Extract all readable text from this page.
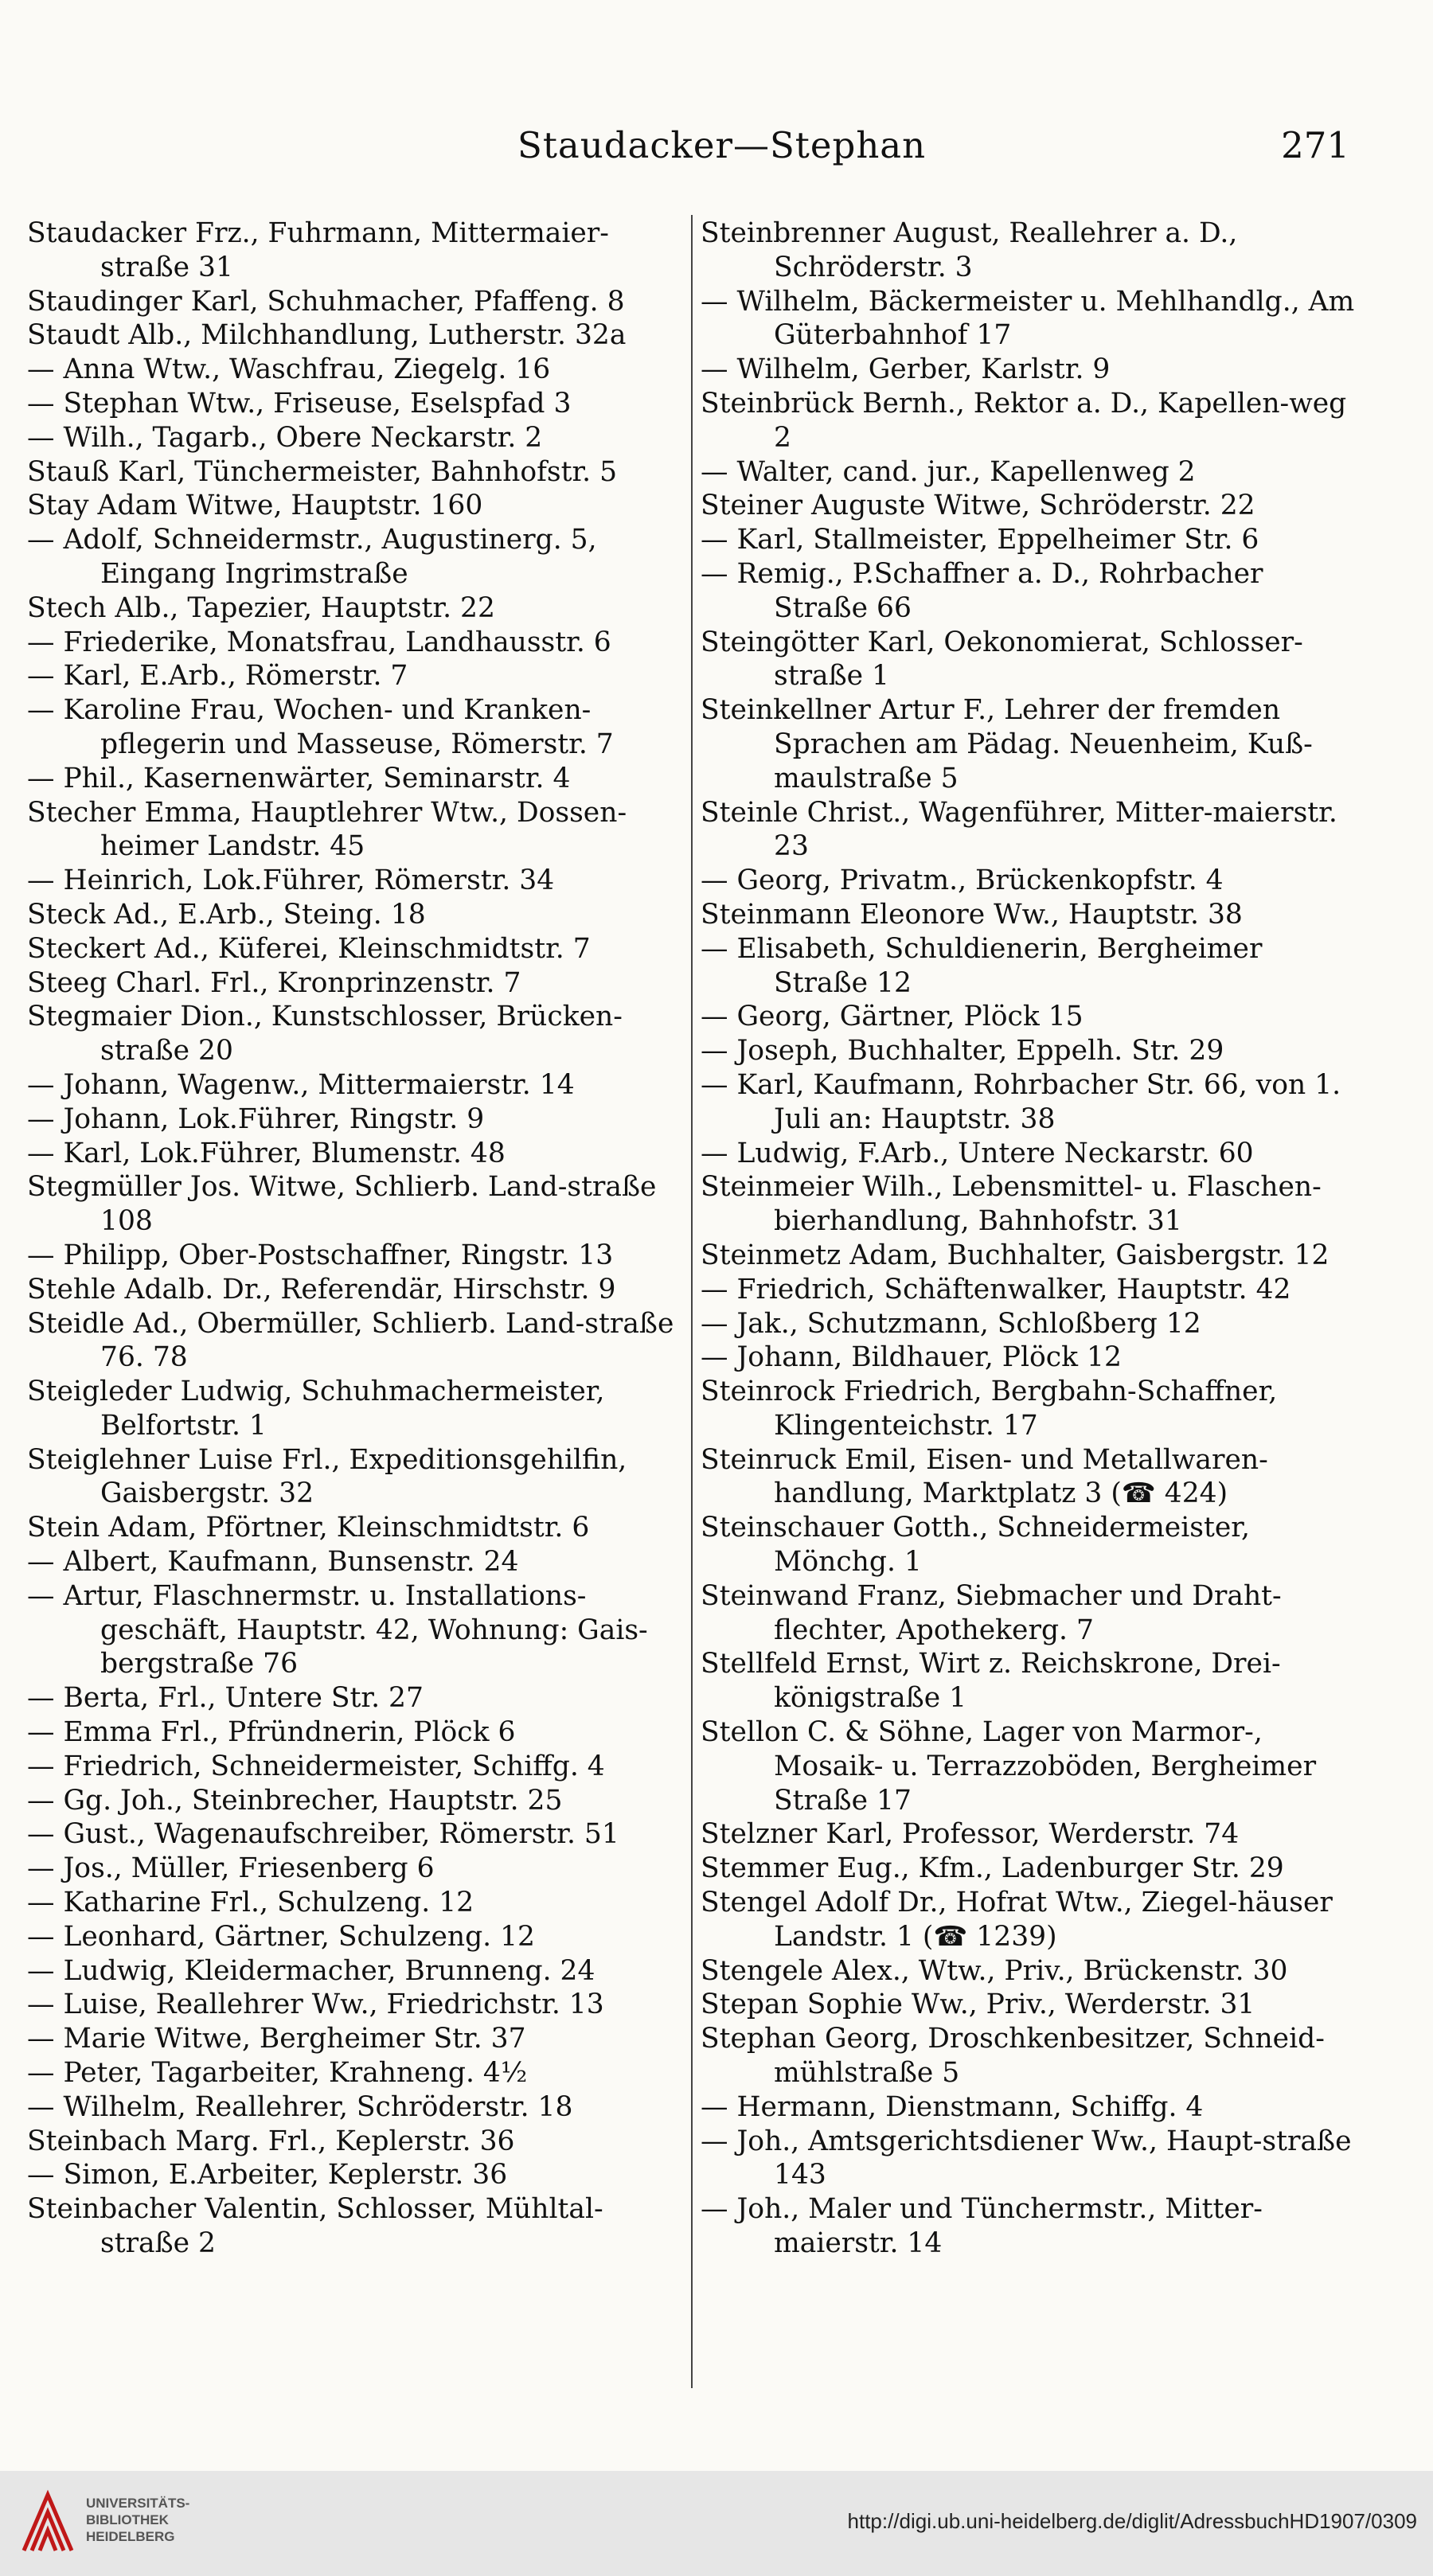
Staudacker—Stephan	271
Staudacker Frz., Fuhrmann, Mittermaier-straße 31
Staudinger Karl, Schuhmacher, Pfaffeng. 8
Staudt Alb., Milchhandlung, Lutherstr. 32a
— Anna Wtw., Waschfrau, Ziegelg. 16
— Stephan Wtw., Friseuse, Eselspfad 3
— Wilh., Tagarb., Obere Neckarstr. 2
Stauß Karl, Tünchermeister, Bahnhofstr. 5
Stay Adam Witwe, Hauptstr. 160
— Adolf, Schneidermstr., Augustinerg. 5, Eingang Ingrimstraße
Stech Alb., Tapezier, Hauptstr. 22
— Friederike, Monatsfrau, Landhausstr. 6
— Karl, E.Arb., Römerstr. 7
— Karoline Frau, Wochen- und Kranken-pflegerin und Masseuse, Römerstr. 7
— Phil., Kasernenwärter, Seminarstr. 4
Stecher Emma, Hauptlehrer Wtw., Dossen-heimer Landstr. 45
— Heinrich, Lok.Führer, Römerstr. 34
Steck Ad., E.Arb., Steing. 18
Steckert Ad., Küferei, Kleinschmidtstr. 7
Steeg Charl. Frl., Kronprinzenstr. 7
Stegmaier Dion., Kunstschlosser, Brücken-straße 20
— Johann, Wagenw., Mittermaierstr. 14
— Johann, Lok.Führer, Ringstr. 9
— Karl, Lok.Führer, Blumenstr. 48
Stegmüller Jos. Witwe, Schlierb. Land-straße 108
— Philipp, Ober-Postschaffner, Ringstr. 13
Stehle Adalb. Dr., Referendär, Hirschstr. 9
Steidle Ad., Obermüller, Schlierb. Land-straße 76. 78
Steigleder Ludwig, Schuhmachermeister, Belfortstr. 1
Steiglehner Luise Frl., Expeditionsgehilfin, Gaisbergstr. 32
Stein Adam, Pförtner, Kleinschmidtstr. 6
— Albert, Kaufmann, Bunsenstr. 24
— Artur, Flaschnermstr. u. Installations-geschäft, Hauptstr. 42, Wohnung: Gais-bergstraße 76
— Berta, Frl., Untere Str. 27
— Emma Frl., Pfründnerin, Plöck 6
— Friedrich, Schneidermeister, Schiffg. 4
— Gg. Joh., Steinbrecher, Hauptstr. 25
— Gust., Wagenaufschreiber, Römerstr. 51
— Jos., Müller, Friesenberg 6
— Katharine Frl., Schulzeng. 12
— Leonhard, Gärtner, Schulzeng. 12
— Ludwig, Kleidermacher, Brunneng. 24
— Luise, Reallehrer Ww., Friedrichstr. 13
— Marie Witwe, Bergheimer Str. 37
— Peter, Tagarbeiter, Krahneng. 4½
— Wilhelm, Reallehrer, Schröderstr. 18
Steinbach Marg. Frl., Keplerstr. 36
— Simon, E.Arbeiter, Keplerstr. 36
Steinbacher Valentin, Schlosser, Mühltal-straße 2
Steinbrenner August, Reallehrer a. D., Schröderstr. 3
— Wilhelm, Bäckermeister u. Mehlhandlg., Am Güterbahnhof 17
— Wilhelm, Gerber, Karlstr. 9
Steinbrück Bernh., Rektor a. D., Kapellen-weg 2
— Walter, cand. jur., Kapellenweg 2
Steiner Auguste Witwe, Schröderstr. 22
— Karl, Stallmeister, Eppelheimer Str. 6
— Remig., P.Schaffner a. D., Rohrbacher Straße 66
Steingötter Karl, Oekonomierat, Schlosser-straße 1
Steinkellner Artur F., Lehrer der fremden Sprachen am Pädag. Neuenheim, Kuß-maulstraße 5
Steinle Christ., Wagenführer, Mitter-maierstr. 23
— Georg, Privatm., Brückenkopfstr. 4
Steinmann Eleonore Ww., Hauptstr. 38
— Elisabeth, Schuldienerin, Bergheimer Straße 12
— Georg, Gärtner, Plöck 15
— Joseph, Buchhalter, Eppelh. Str. 29
— Karl, Kaufmann, Rohrbacher Str. 66, von 1. Juli an: Hauptstr. 38
— Ludwig, F.Arb., Untere Neckarstr. 60
Steinmeier Wilh., Lebensmittel- u. Flaschen-bierhandlung, Bahnhofstr. 31
Steinmetz Adam, Buchhalter, Gaisbergstr. 12
— Friedrich, Schäftenwalker, Hauptstr. 42
— Jak., Schutzmann, Schloßberg 12
— Johann, Bildhauer, Plöck 12
Steinrock Friedrich, Bergbahn-Schaffner, Klingenteichstr. 17
Steinruck Emil, Eisen- und Metallwaren-handlung, Marktplatz 3 (☎ 424)
Steinschauer Gotth., Schneidermeister, Mönchg. 1
Steinwand Franz, Siebmacher und Draht-flechter, Apothekerg. 7
Stellfeld Ernst, Wirt z. Reichskrone, Drei-königstraße 1
Stellon C. & Söhne, Lager von Marmor-, Mosaik- u. Terrazzoböden, Bergheimer Straße 17
Stelzner Karl, Professor, Werderstr. 74
Stemmer Eug., Kfm., Ladenburger Str. 29
Stengel Adolf Dr., Hofrat Wtw., Ziegel-häuser Landstr. 1 (☎ 1239)
Stengele Alex., Wtw., Priv., Brückenstr. 30
Stepan Sophie Ww., Priv., Werderstr. 31
Stephan Georg, Droschkenbesitzer, Schneid-mühlstraße 5
— Hermann, Dienstmann, Schiffg. 4
— Joh., Amtsgerichtsdiener Ww., Haupt-straße 143
— Joh., Maler und Tünchermstr., Mitter-maierstr. 14
UNIVERSITÄTS-
BIBLIOTHEK
HEIDELBERG
http://digi.ub.uni-heidelberg.de/diglit/AdressbuchHD1907/0309
